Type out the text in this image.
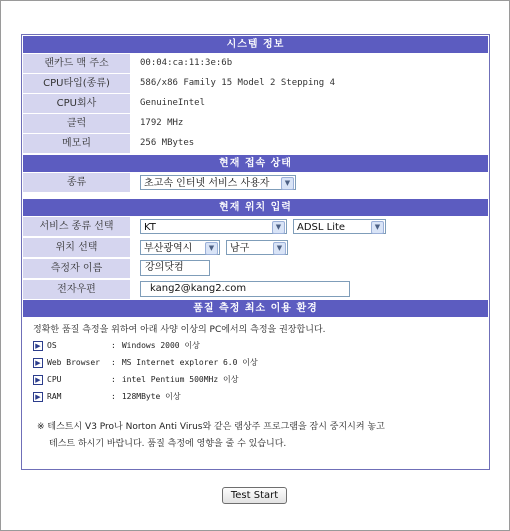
시스템 정보
랜카드 맥 주소	00:04:ca:11:3e:6b
CPU타입(종류)	586/x86 Family 15 Model 2 Stepping 4
CPU회사	GenuineIntel
클럭	1792 MHz
메모리	256 MBytes
현재 접속 상태
종류	초고속 인터넷 서비스 사용자	▼
현재 위치 입력
서비스 종류 선택	KT	▼	ADSL Lite	▼
위치 선택	부산광역시	▼	남구	▼
측정자 이름	강의닷컴
전자우편	kang2@kang2.com
품질 측정 최소 이용 환경
정확한 품질 측정을 위하여 아래 사양 이상의 PC에서의 측정을 권장합니다.
▶ OS	: Windows 2000 이상
▶ Web Browser : MS Internet explorer 6.0 이상
▶ CPU	: intel Pentium 500MHz 이상
▶ RAM	: 128MByte 이상
※ 테스트시 V3 Pro나 Norton Anti Virus와 같은 램상주 프로그램을 잠시 중지시켜 놓고
테스트 하시기 바랍니다. 품질 측정에 영향을 줄 수 있습니다.
Test Start
